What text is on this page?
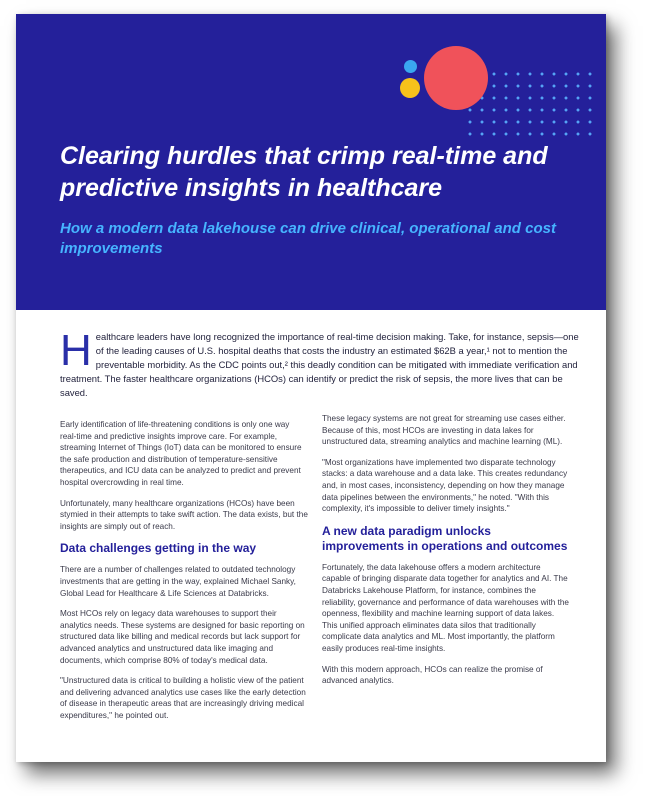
Clearing hurdles that crimp real-time and predictive insights in healthcare
How a modern data lakehouse can drive clinical, operational and cost improvements
Healthcare leaders have long recognized the importance of real-time decision making. Take, for instance, sepsis—one of the leading causes of U.S. hospital deaths that costs the industry an estimated $62B a year,¹ not to mention the preventable morbidity. As the CDC points out,² this deadly condition can be mitigated with immediate verification and treatment. The faster healthcare organizations (HCOs) can identify or predict the risk of sepsis, the more lives that can be saved.

Early identification of life-threatening conditions is only one way real-time and predictive insights improve care. For example, streaming Internet of Things (IoT) data can be monitored to ensure the safe production and distribution of temperature-sensitive therapeutics, and ICU data can be analyzed to predict and prevent hospital overcrowding in real time.

Unfortunately, many healthcare organizations (HCOs) have been stymied in their attempts to take swift action. The data exists, but the insights are simply out of reach.

Data challenges getting in the way

There are a number of challenges related to outdated technology investments that are getting in the way, explained Michael Sanky, Global Lead for Healthcare & Life Sciences at Databricks.

Most HCOs rely on legacy data warehouses to support their analytics needs. These systems are designed for basic reporting on structured data like billing and medical records but lack support for advanced analytics and unstructured data like imaging and documents, which comprise 80% of today's medical data.

"Unstructured data is critical to building a holistic view of the patient and delivering advanced analytics use cases like the early detection of disease in therapeutic areas that are increasingly driving medical expenditures," he pointed out.

These legacy systems are not great for streaming use cases either. Because of this, most HCOs are investing in data lakes for unstructured data, streaming analytics and machine learning (ML).

"Most organizations have implemented two disparate technology stacks: a data warehouse and a data lake. This creates redundancy and, in most cases, inconsistency, depending on how they manage data pipelines between the environments," he noted. "With this complexity, it's impossible to deliver timely insights."

A new data paradigm unlocks improvements in operations and outcomes

Fortunately, the data lakehouse offers a modern architecture capable of bringing disparate data together for analytics and AI. The Databricks Lakehouse Platform, for instance, combines the reliability, governance and performance of data warehouses with the openness, flexibility and machine learning support of data lakes. This unified approach eliminates data silos that traditionally complicate data analytics and ML. Most importantly, the platform easily produces real-time insights.

With this modern approach, HCOs can realize the promise of advanced analytics.
